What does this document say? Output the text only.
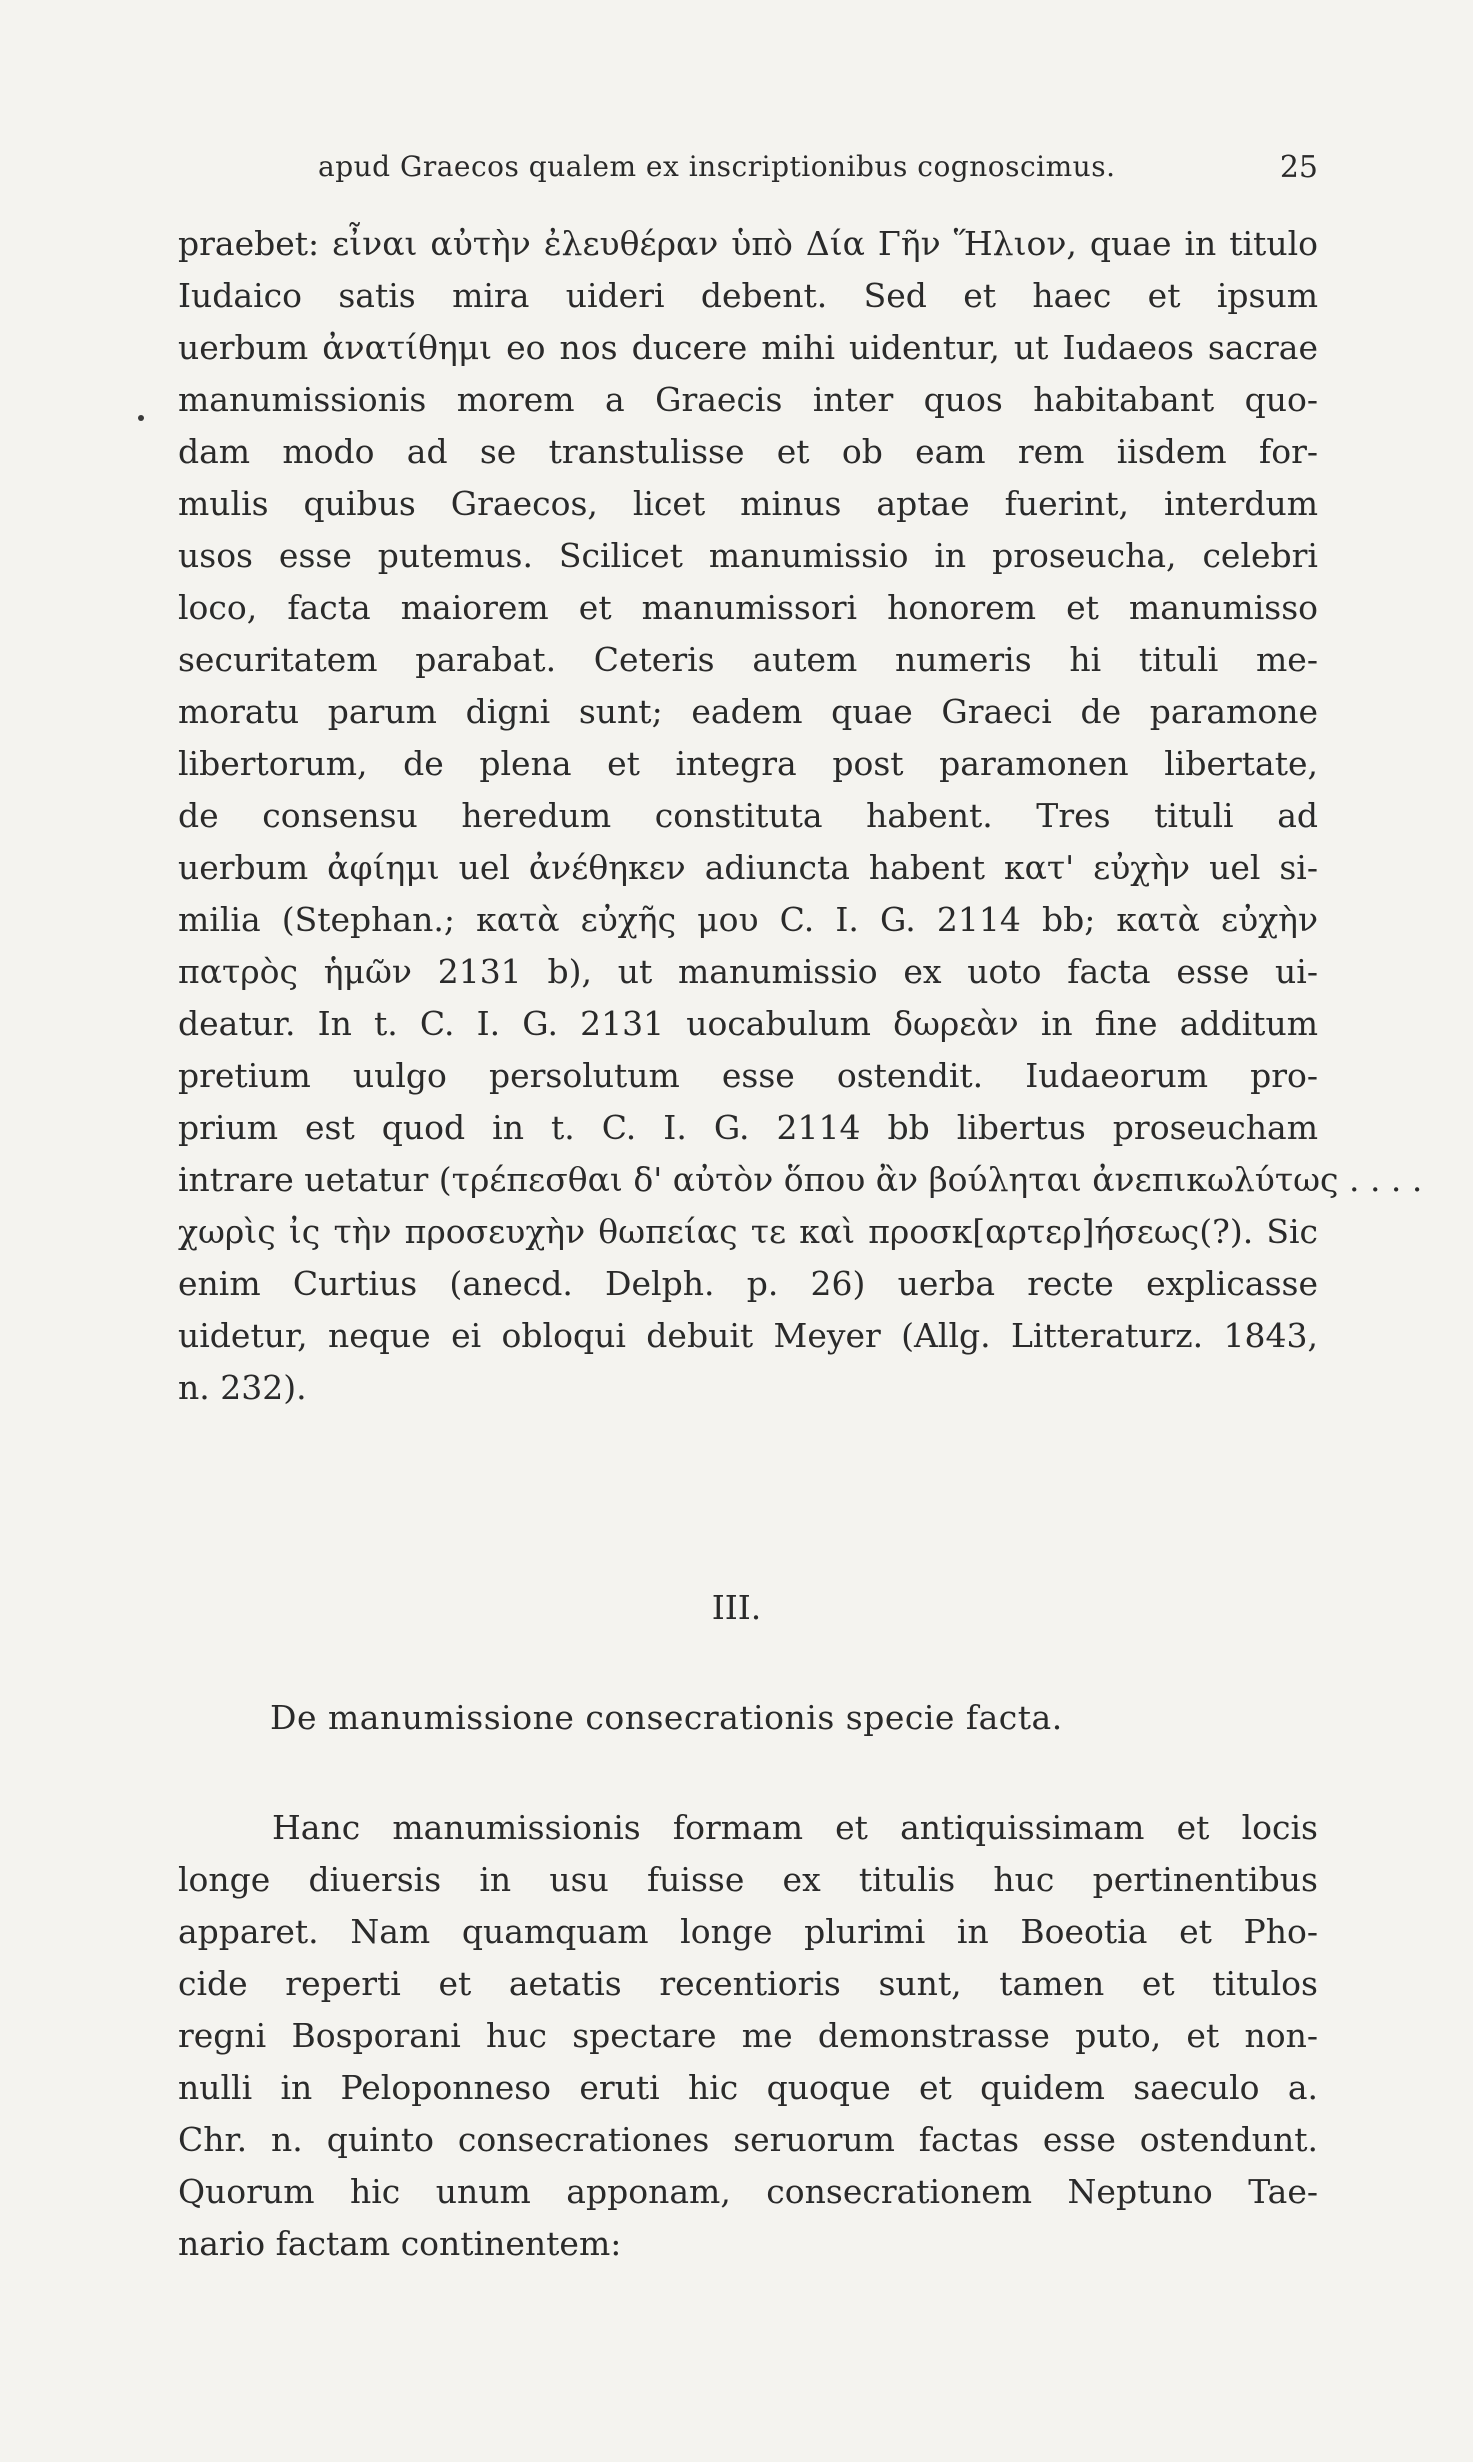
apud Graecos qualem ex inscriptionibus cognoscimus.	25
praebet: εἶναι αὐτὴν ἐλευθέραν ὑπὸ Δία Γῆν Ἥλιον, quae in titulo
Iudaico satis mira uideri debent. Sed et haec et ipsum
uerbum ἀνατίθημι eo nos ducere mihi uidentur, ut Iudaeos sacrae
manumissionis morem a Graecis inter quos habitabant quo-
dam modo ad se transtulisse et ob eam rem iisdem for-
mulis quibus Graecos, licet minus aptae fuerint, interdum
usos esse putemus. Scilicet manumissio in proseucha, celebri
loco, facta maiorem et manumissori honorem et manumisso
securitatem parabat. Ceteris autem numeris hi tituli me-
moratu parum digni sunt; eadem quae Graeci de paramone
libertorum, de plena et integra post paramonen libertate,
de consensu heredum constituta habent. Tres tituli ad
uerbum ἀφίημι uel ἀνέθηκεν adiuncta habent κατ' εὐχὴν uel si-
milia (Stephan.; κατὰ εὐχῆς μου C. I. G. 2114 bb; κατὰ εὐχὴν
πατρὸς ἡμῶν 2131 b), ut manumissio ex uoto facta esse ui-
deatur. In t. C. I. G. 2131 uocabulum δωρεὰν in fine additum
pretium uulgo persolutum esse ostendit. Iudaeorum pro-
prium est quod in t. C. I. G. 2114 bb libertus proseucham
intrare uetatur (τρέπεσθαι δ' αὐτὸν ὅπου ἂν βούληται ἀνεπικωλύτως . . . .
χωρὶς ἰς τὴν προσευχὴν θωπείας τε καὶ προσκ[αρτερ]ήσεως(?). Sic
enim Curtius (anecd. Delph. p. 26) uerba recte explicasse
uidetur, neque ei obloqui debuit Meyer (Allg. Litteraturz. 1843,
n. 232).
III.
De manumissione consecrationis specie facta.
Hanc manumissionis formam et antiquissimam et locis
longe diuersis in usu fuisse ex titulis huc pertinentibus
apparet. Nam quamquam longe plurimi in Boeotia et Pho-
cide reperti et aetatis recentioris sunt, tamen et titulos
regni Bosporani huc spectare me demonstrasse puto, et non-
nulli in Peloponneso eruti hic quoque et quidem saeculo a.
Chr. n. quinto consecrationes seruorum factas esse ostendunt.
Quorum hic unum apponam, consecrationem Neptuno Tae-
nario factam continentem:
